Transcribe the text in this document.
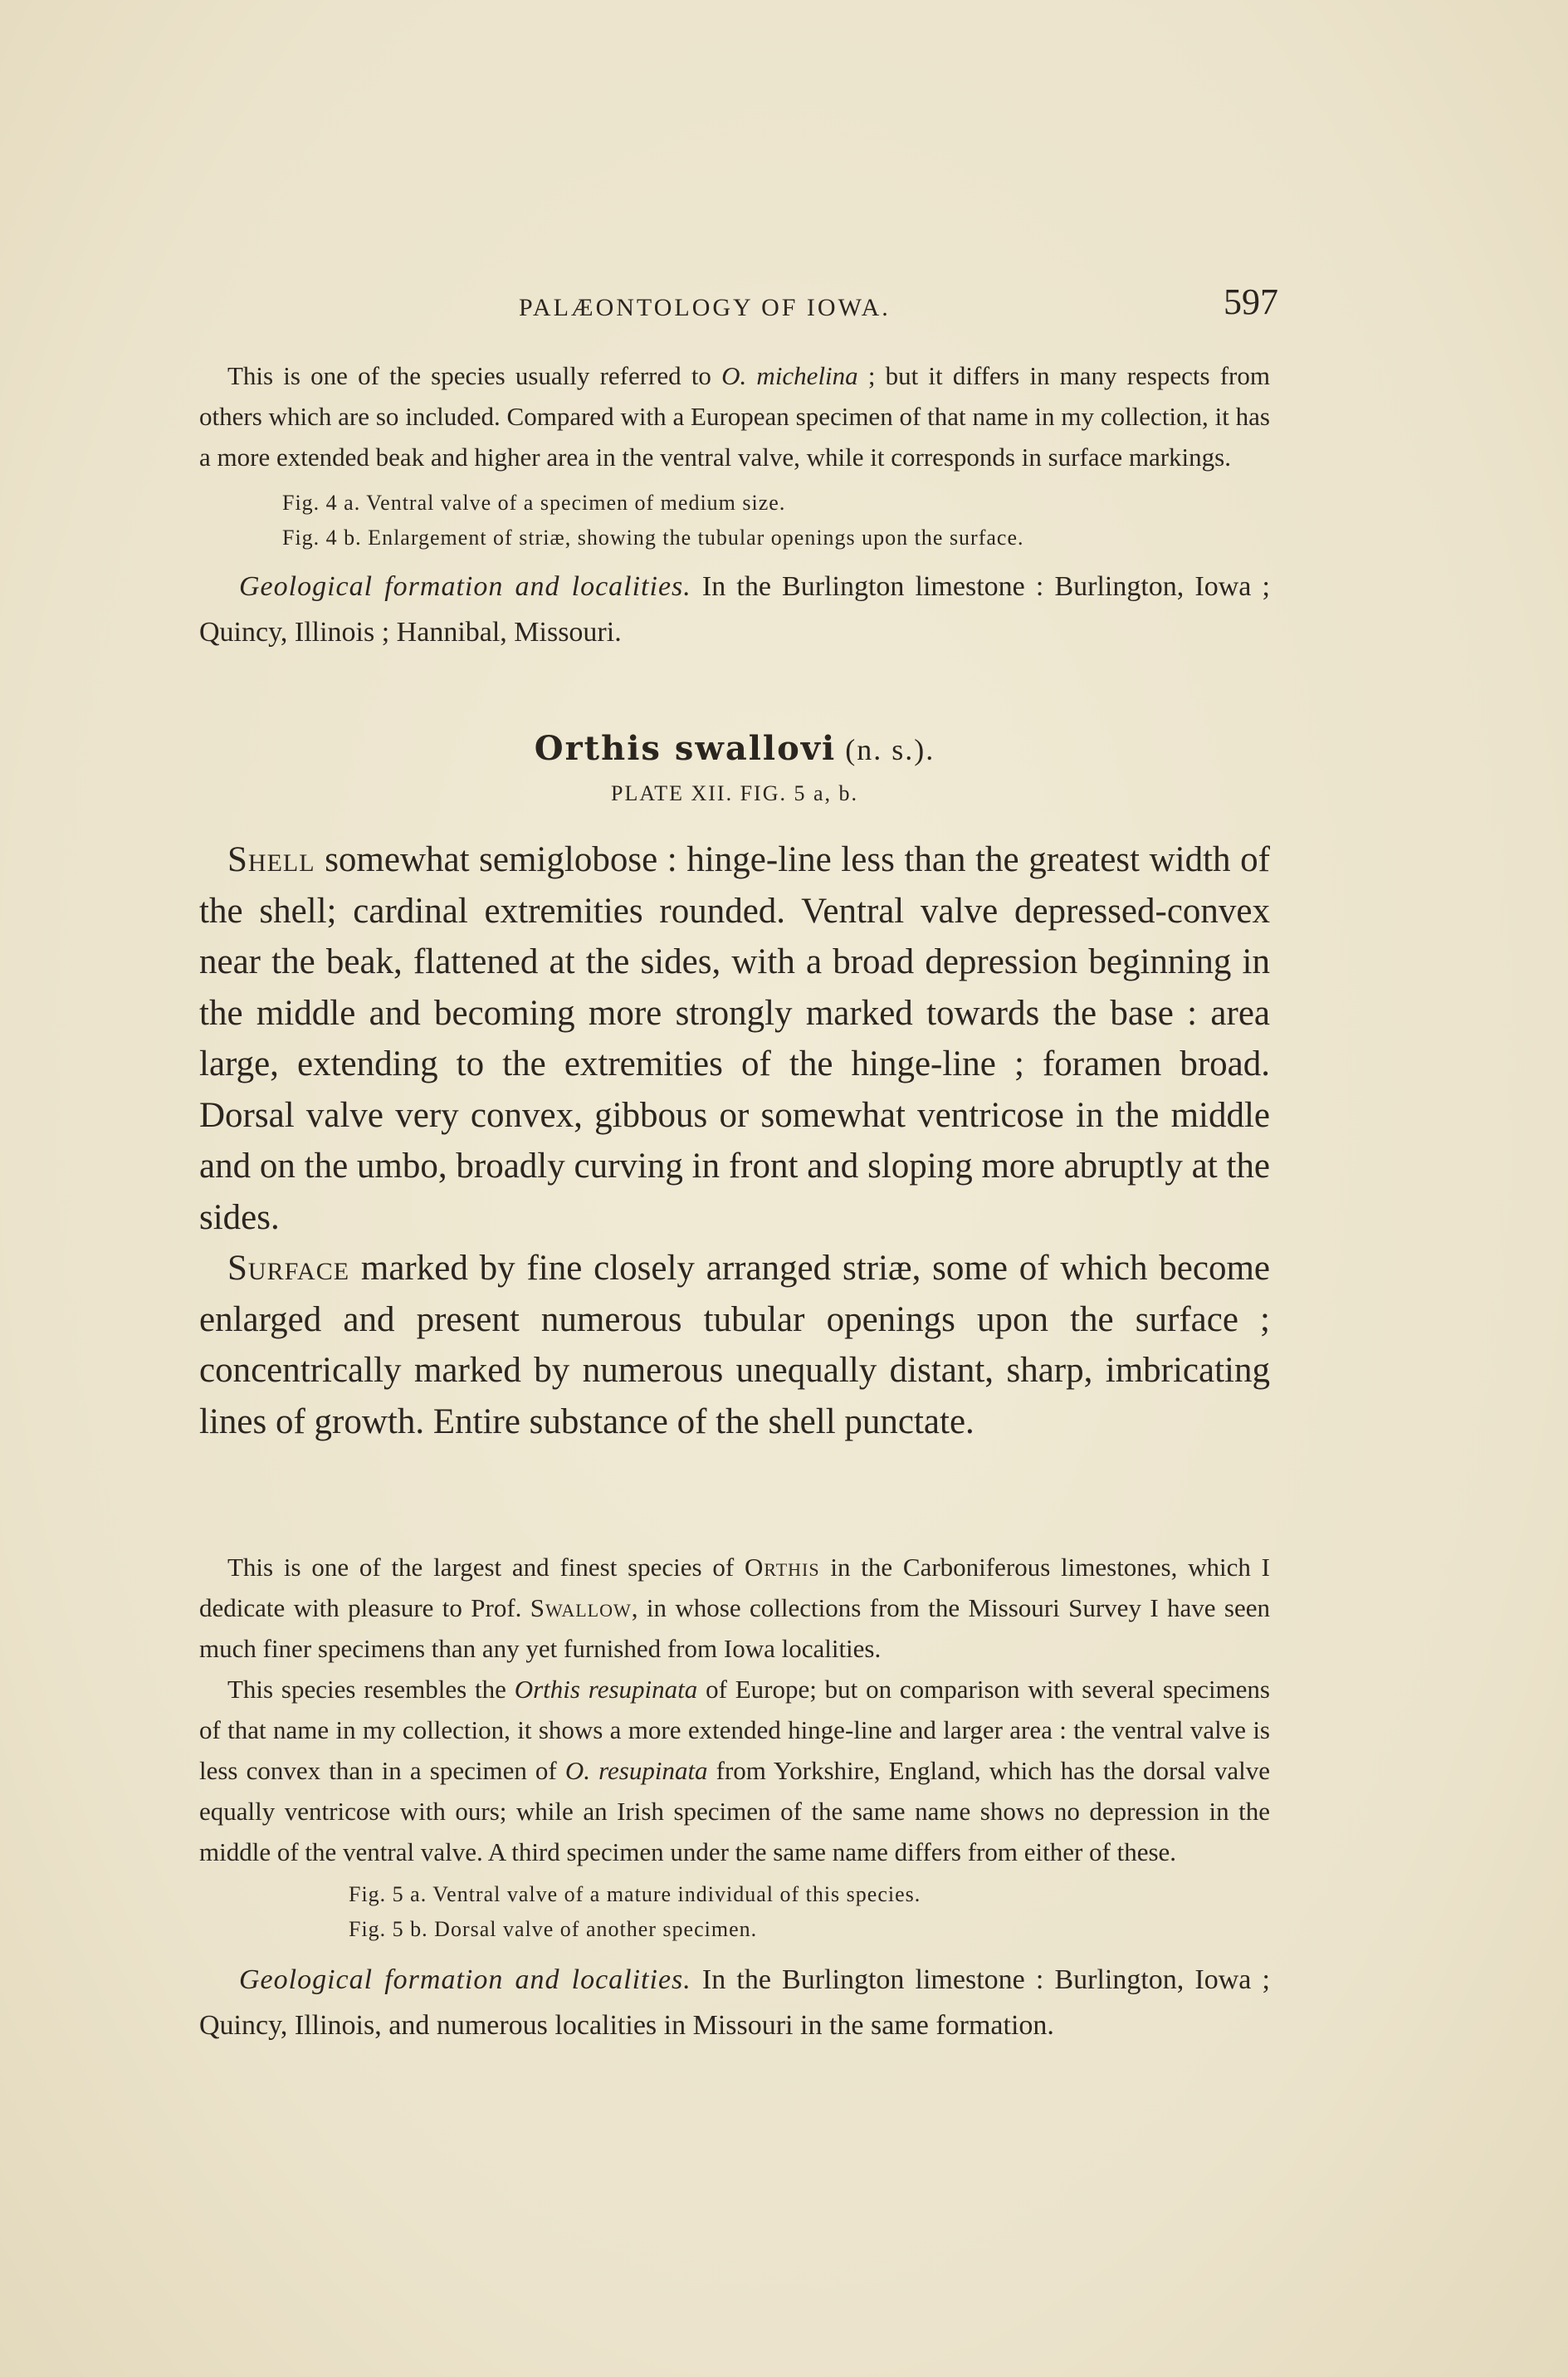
PALÆONTOLOGY OF IOWA.	597

This is one of the species usually referred to O. michelina ; but it differs in many respects from others which are so included. Compared with a European specimen of that name in my collection, it has a more extended beak and higher area in the ventral valve, while it corresponds in surface markings.

Fig. 4 a. Ventral valve of a specimen of medium size.
Fig. 4 b. Enlargement of striæ, showing the tubular openings upon the surface.

Geological formation and localities. In the Burlington limestone : Burlington, Iowa ; Quincy, Illinois ; Hannibal, Missouri.

Orthis swallovi (n. s.).
PLATE XII. FIG. 5 a, b.

Shell somewhat semiglobose : hinge-line less than the greatest width of the shell; cardinal extremities rounded. Ventral valve depressed-convex near the beak, flattened at the sides, with a broad depression beginning in the middle and becoming more strongly marked towards the base : area large, extending to the extremities of the hinge-line ; foramen broad. Dorsal valve very convex, gibbous or somewhat ventricose in the middle and on the umbo, broadly curving in front and sloping more abruptly at the sides.

Surface marked by fine closely arranged striæ, some of which become enlarged and present numerous tubular openings upon the surface ; concentrically marked by numerous unequally distant, sharp, imbricating lines of growth. Entire substance of the shell punctate.

This is one of the largest and finest species of Orthis in the Carboniferous limestones, which I dedicate with pleasure to Prof. Swallow, in whose collections from the Missouri Survey I have seen much finer specimens than any yet furnished from Iowa localities.

This species resembles the Orthis resupinata of Europe; but on comparison with several specimens of that name in my collection, it shows a more extended hinge-line and larger area : the ventral valve is less convex than in a specimen of O. resupinata from Yorkshire, England, which has the dorsal valve equally ventricose with ours; while an Irish specimen of the same name shows no depression in the middle of the ventral valve. A third specimen under the same name differs from either of these.

Fig. 5 a. Ventral valve of a mature individual of this species.
Fig. 5 b. Dorsal valve of another specimen.

Geological formation and localities. In the Burlington limestone : Burlington, Iowa ; Quincy, Illinois, and numerous localities in Missouri in the same formation.
